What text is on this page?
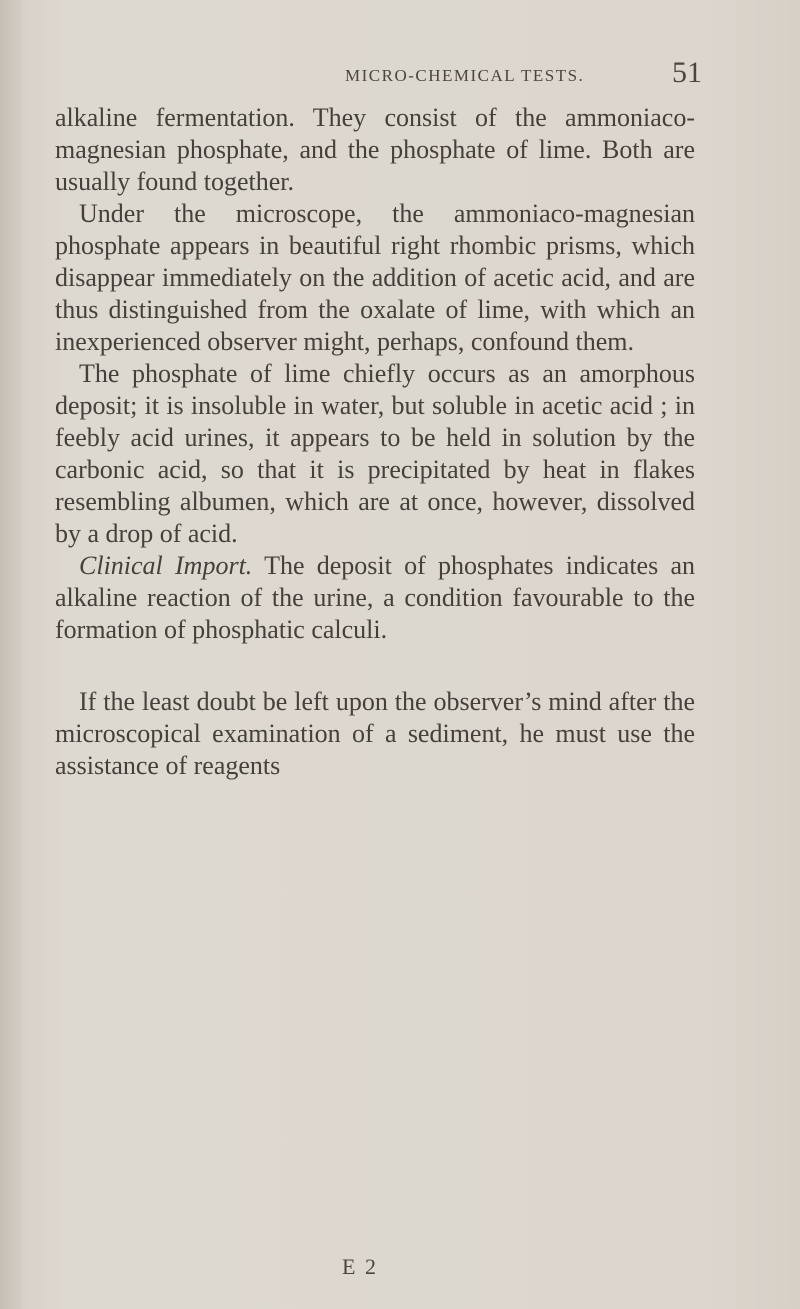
MICRO-CHEMICAL TESTS.	51

alkaline fermentation. They consist of the ammoniaco-magnesian phosphate, and the phosphate of lime. Both are usually found together.

Under the microscope, the ammoniaco-magnesian phosphate appears in beautiful right rhombic prisms, which disappear immediately on the addition of acetic acid, and are thus distinguished from the oxalate of lime, with which an inexperienced observer might, perhaps, confound them.

The phosphate of lime chiefly occurs as an amorphous deposit; it is insoluble in water, but soluble in acetic acid ; in feebly acid urines, it appears to be held in solution by the carbonic acid, so that it is precipitated by heat in flakes resembling albumen, which are at once, however, dissolved by a drop of acid.

Clinical Import. The deposit of phosphates indicates an alkaline reaction of the urine, a condition favourable to the formation of phosphatic calculi.

If the least doubt be left upon the observer’s mind after the microscopical examination of a sediment, he must use the assistance of reagents

E 2
